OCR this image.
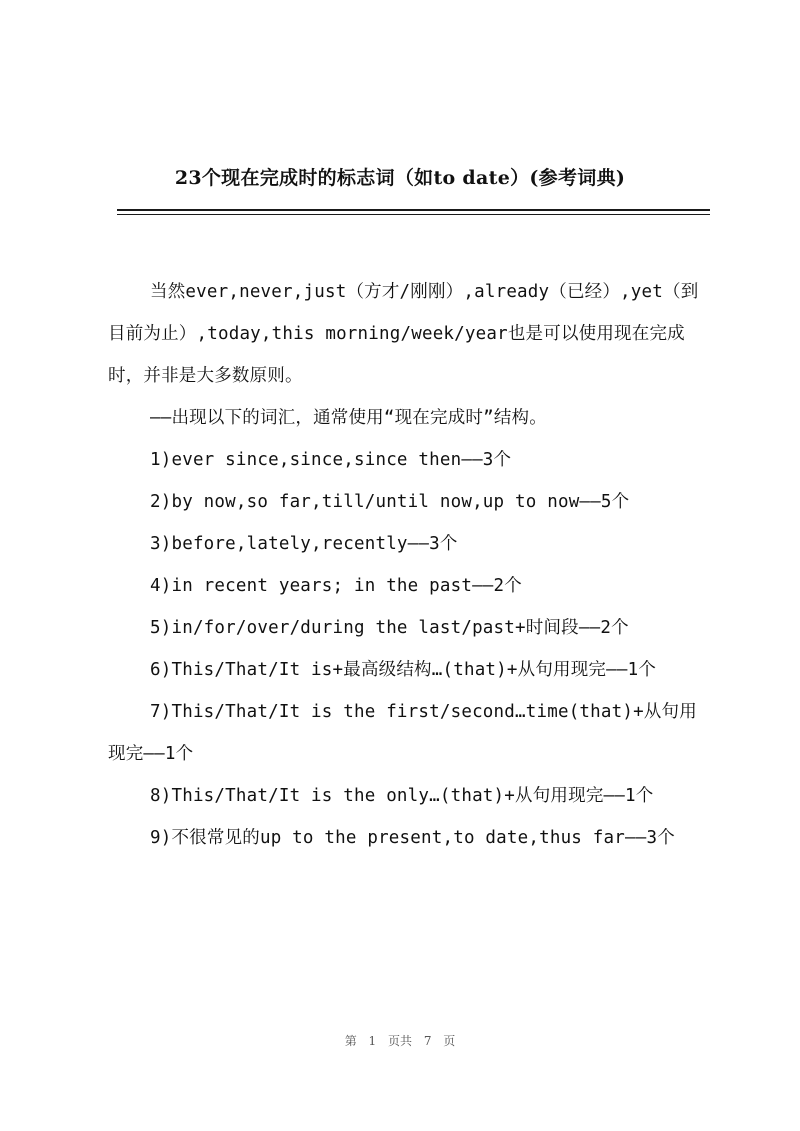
23个现在完成时的标志词（如to date）(参考词典)

当然ever,never,just（方才/刚刚）,already（已经）,yet（到目前为止）,today,this morning/week/year也是可以使用现在完成时，并非是大多数原则。

——出现以下的词汇，通常使用“现在完成时”结构。

1)ever since,since,since then——3个

2)by now,so far,till/until now,up to now——5个

3)before,lately,recently——3个

4)in recent years; in the past——2个

5)in/for/over/during the last/past+时间段——2个

6)This/That/It is+最高级结构…(that)+从句用现完——1个

7)This/That/It is the first/second…time(that)+从句用现完——1个

8)This/That/It is the only…(that)+从句用现完——1个

9)不很常见的up to the present,to date,thus far——3个

第 1 页共 7 页
